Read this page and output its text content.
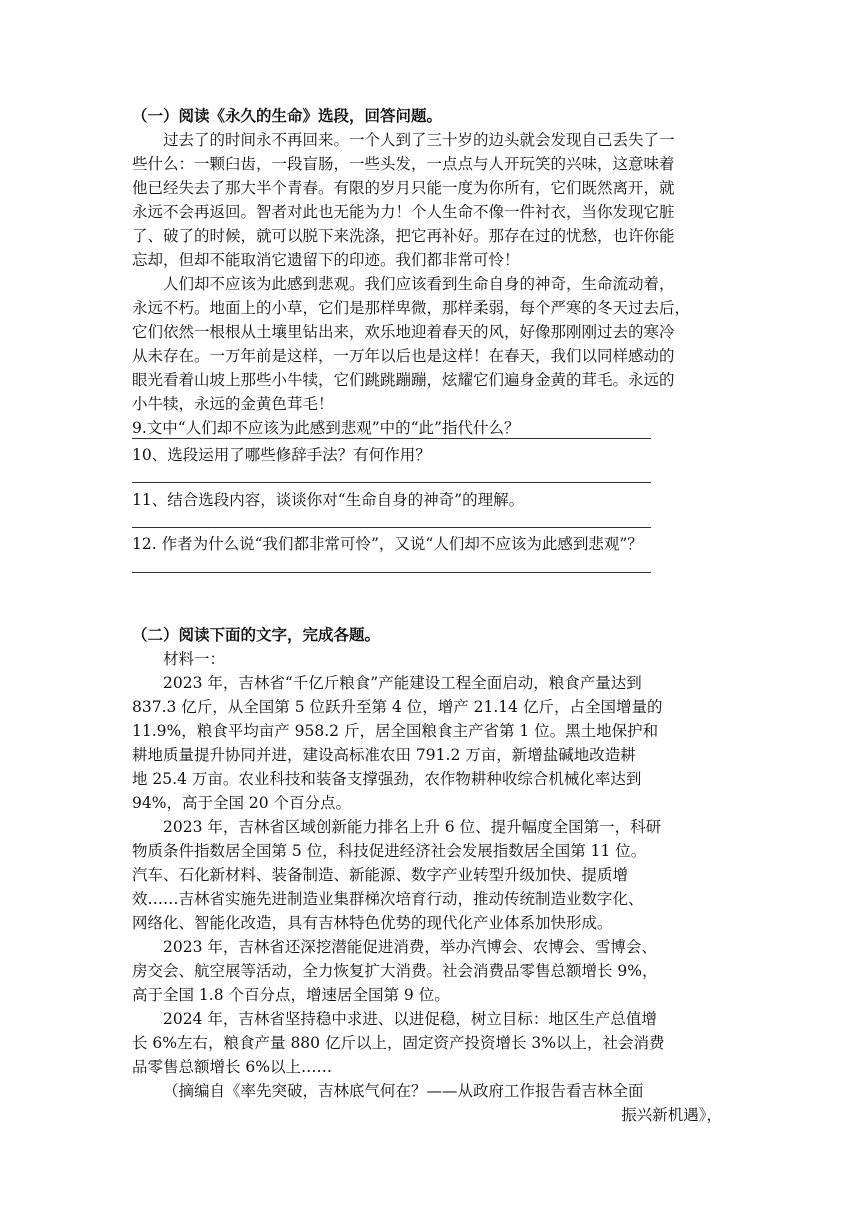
（一）阅读《永久的生命》选段，回答问题。
过去了的时间永不再回来。一个人到了三十岁的边头就会发现自己丢失了一
些什么：一颗臼齿，一段盲肠，一些头发，一点点与人开玩笑的兴味，这意味着
他已经失去了那大半个青春。有限的岁月只能一度为你所有，它们既然离开，就
永远不会再返回。智者对此也无能为力！个人生命不像一件衬衣，当你发现它脏
了、破了的时候，就可以脱下来洗涤，把它再补好。那存在过的忧愁，也许你能
忘却，但却不能取消它遗留下的印迹。我们都非常可怜！
人们却不应该为此感到悲观。我们应该看到生命自身的神奇，生命流动着，
永远不朽。地面上的小草，它们是那样卑微，那样柔弱，每个严寒的冬天过去后，
它们依然一根根从土壤里钻出来，欢乐地迎着春天的风，好像那刚刚过去的寒冷
从未存在。一万年前是这样，一万年以后也是这样！在春天，我们以同样感动的
眼光看着山坡上那些小牛犊，它们跳跳蹦蹦，炫耀它们遍身金黄的茸毛。永远的
小牛犊，永远的金黄色茸毛！
9.文中“人们却不应该为此感到悲观”中的“此”指代什么？
10、选段运用了哪些修辞手法？有何作用？
11、结合选段内容，谈谈你对“生命自身的神奇”的理解。
12. 作者为什么说“我们都非常可怜”，又说“人们却不应该为此感到悲观”？
（二）阅读下面的文字，完成各题。
材料一：
2023 年，吉林省“千亿斤粮食”产能建设工程全面启动，粮食产量达到
837.3 亿斤，从全国第 5 位跃升至第 4 位，增产 21.14 亿斤，占全国增量的
11.9%，粮食平均亩产 958.2 斤，居全国粮食主产省第 1 位。黑土地保护和
耕地质量提升协同并进，建设高标准农田 791.2 万亩，新增盐碱地改造耕
地 25.4 万亩。农业科技和装备支撑强劲，农作物耕种收综合机械化率达到
94%，高于全国 20 个百分点。
2023 年，吉林省区域创新能力排名上升 6 位、提升幅度全国第一，科研
物质条件指数居全国第 5 位，科技促进经济社会发展指数居全国第 11 位。
汽车、石化新材料、装备制造、新能源、数字产业转型升级加快、提质增
效……吉林省实施先进制造业集群梯次培育行动，推动传统制造业数字化、
网络化、智能化改造，具有吉林特色优势的现代化产业体系加快形成。
2023 年，吉林省还深挖潜能促进消费，举办汽博会、农博会、雪博会、
房交会、航空展等活动，全力恢复扩大消费。社会消费品零售总额增长 9%，
高于全国 1.8 个百分点，增速居全国第 9 位。
2024 年，吉林省坚持稳中求进、以进促稳，树立目标：地区生产总值增
长 6%左右，粮食产量 880 亿斤以上，固定资产投资增长 3%以上，社会消费
品零售总额增长 6%以上……
（摘编自《率先突破，吉林底气何在？——从政府工作报告看吉林全面
振兴新机遇》，
